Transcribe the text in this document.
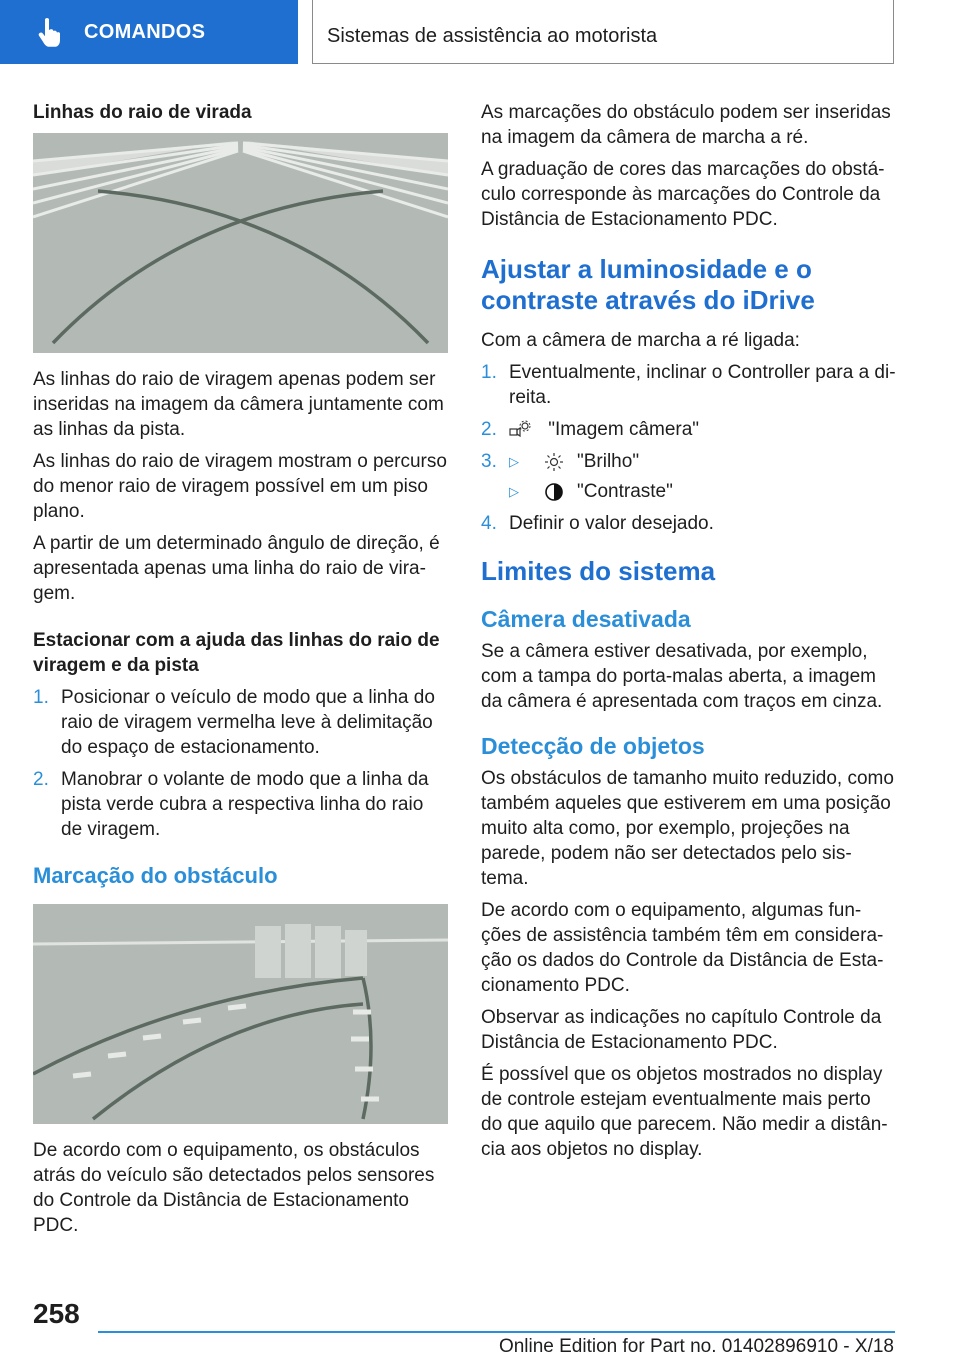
COMANDOS	Sistemas de assistência ao motorista
Linhas do raio de virada

As linhas do raio de viragem apenas podem ser inseridas na imagem da câmera juntamente com as linhas da pista.

As linhas do raio de viragem mostram o percurso do menor raio de viragem possível em um piso plano.

A partir de um determinado ângulo de direção, é apresentada apenas uma linha do raio de vira- gem.

Estacionar com a ajuda das linhas do raio de viragem e da pista
1. Posicionar o veículo de modo que a linha do raio de viragem vermelha leve à delimitação do espaço de estacionamento.
2. Manobrar o volante de modo que a linha da pista verde cubra a respectiva linha do raio de viragem.
Marcação do obstáculo

De acordo com o equipamento, os obstáculos atrás do veículo são detectados pelos sensores do Controle da Distância de Estacionamento PDC.

As marcações do obstáculo podem ser inseridas na imagem da câmera de marcha a ré.

A graduação de cores das marcações do obstá- culo corresponde às marcações do Controle da Distância de Estacionamento PDC.

Ajustar a luminosidade e o contraste através do iDrive

Com a câmera de marcha a ré ligada:

1. Eventualmente, inclinar o Controller para a di- reita.
2.	"Imagem câmera"
3. ▷	"Brilho"
▷	"Contraste"
4. Definir o valor desejado.
Limites do sistema
Câmera desativada

Se a câmera estiver desativada, por exemplo, com a tampa do porta-malas aberta, a imagem da câmera é apresentada com traços em cinza.

Detecção de objetos

Os obstáculos de tamanho muito reduzido, como também aqueles que estiverem em uma posição muito alta como, por exemplo, projeções na parede, podem não ser detectados pelo sis- tema.

De acordo com o equipamento, algumas fun- ções de assistência também têm em considera- ção os dados do Controle da Distância de Esta- cionamento PDC.

Observar as indicações no capítulo Controle da Distância de Estacionamento PDC.

É possível que os objetos mostrados no display de controle estejam eventualmente mais perto do que aquilo que parecem. Não medir a distân- cia aos objetos no display.

258
Online Edition for Part no. 01402896910 - X/18
